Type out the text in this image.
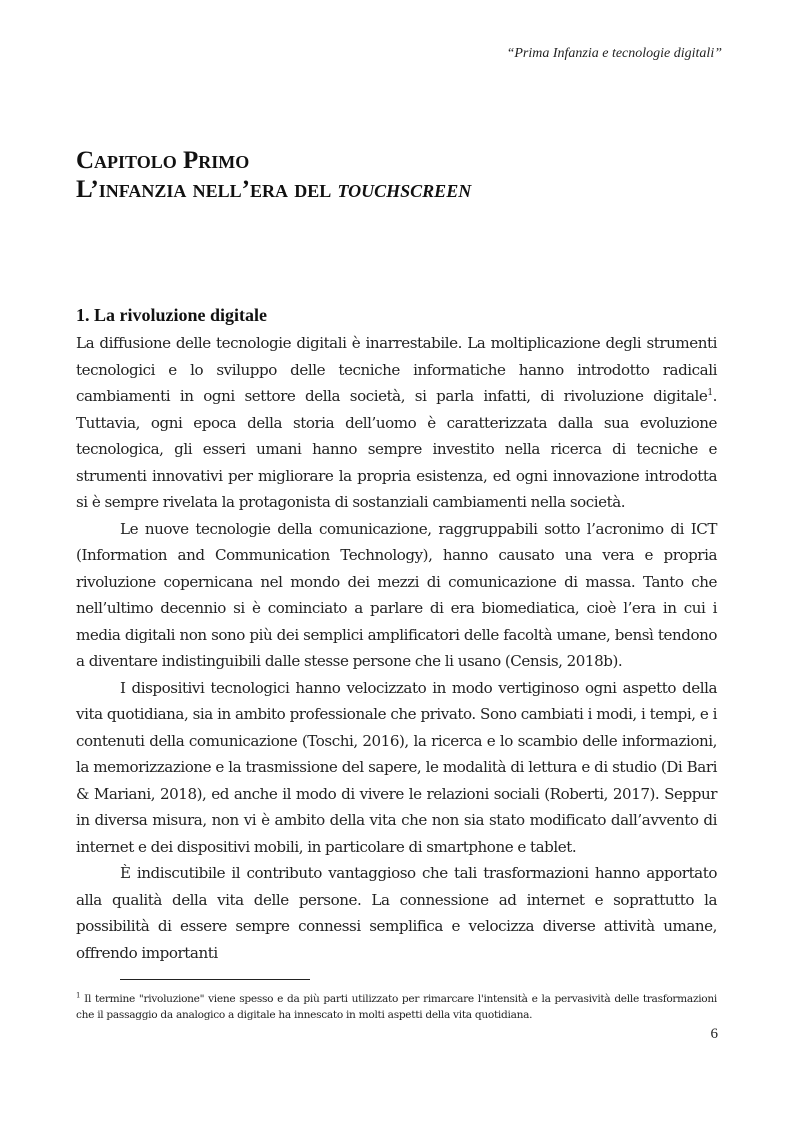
“Prima Infanzia e tecnologie digitali”
Capitolo Primo
L’infanzia nell’era del touchscreen
1. La rivoluzione digitale

La diffusione delle tecnologie digitali è inarrestabile. La moltiplicazione degli strumenti tecnologici e lo sviluppo delle tecniche informatiche hanno introdotto radicali cambiamenti in ogni settore della società, si parla infatti, di rivoluzione digitale$^1$. Tuttavia, ogni epoca della storia dell’uomo è caratterizzata dalla sua evoluzione tecnologica, gli esseri umani hanno sempre investito nella ricerca di tecniche e strumenti innovativi per migliorare la propria esistenza, ed ogni innovazione introdotta si è sempre rivelata la protagonista di sostanziali cambiamenti nella società.

Le nuove tecnologie della comunicazione, raggruppabili sotto l’acronimo di ICT (Information and Communication Technology), hanno causato una vera e propria rivoluzione copernicana nel mondo dei mezzi di comunicazione di massa. Tanto che nell’ultimo decennio si è cominciato a parlare di era biomediatica, cioè l’era in cui i media digitali non sono più dei semplici amplificatori delle facoltà umane, bensì tendono a diventare indistinguibili dalle stesse persone che li usano (Censis, 2018b).

I dispositivi tecnologici hanno velocizzato in modo vertiginoso ogni aspetto della vita quotidiana, sia in ambito professionale che privato. Sono cambiati i modi, i tempi, e i contenuti della comunicazione (Toschi, 2016), la ricerca e lo scambio delle informazioni, la memorizzazione e la trasmissione del sapere, le modalità di lettura e di studio (Di Bari & Mariani, 2018), ed anche il modo di vivere le relazioni sociali (Roberti, 2017). Seppur in diversa misura, non vi è ambito della vita che non sia stato modificato dall’avvento di internet e dei dispositivi mobili, in particolare di smartphone e tablet.

È indiscutibile il contributo vantaggioso che tali trasformazioni hanno apportato alla qualità della vita delle persone. La connessione ad internet e soprattutto la possibilità di essere sempre connessi semplifica e velocizza diverse attività umane, offrendo importanti

$^1$ Il termine "rivoluzione" viene spesso e da più parti utilizzato per rimarcare l'intensità e la pervasività delle trasformazioni che il passaggio da analogico a digitale ha innescato in molti aspetti della vita quotidiana.
6
